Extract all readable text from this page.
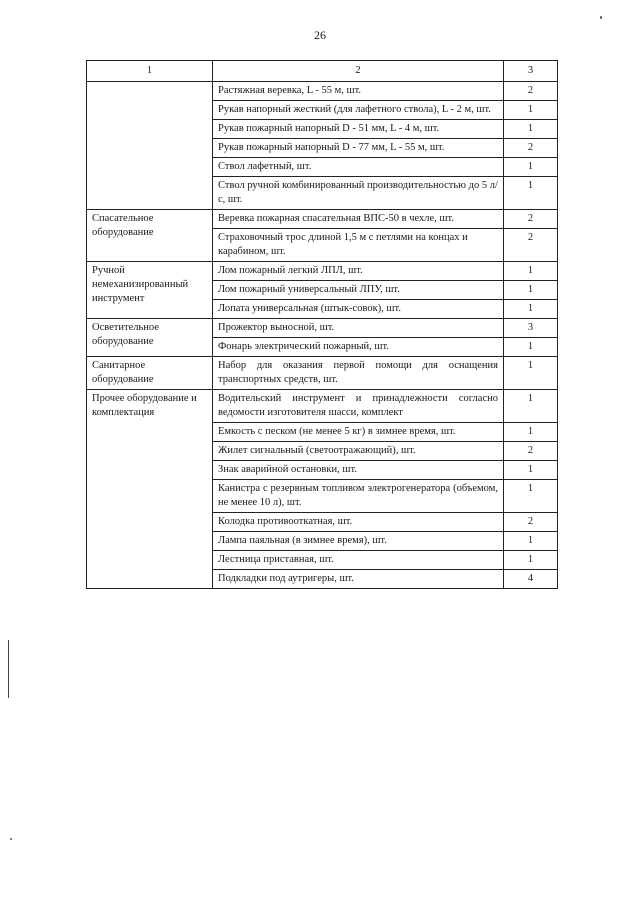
26
1	2	3
	Растяжная веревка, L - 55 м, шт.	2
	Рукав напорный жесткий (для лафетного ствола), L - 2 м, шт.	1
	Рукав пожарный напорный D - 51 мм, L - 4 м, шт.	1
	Рукав пожарный напорный D - 77 мм, L - 55 м, шт.	2
	Ствол лафетный, шт.	1
	Ствол ручной комбинированный производительностью до 5 л/с, шт.	1
Спасательное оборудование	Веревка пожарная спасательная ВПС-50 в чехле, шт.	2
	Страховочный трос длиной 1,5 м с петлями на концах и карабином, шт.	2
Ручной немеханизированный инструмент	Лом пожарный легкий ЛПЛ, шт.	1
	Лом пожарный универсальный ЛПУ, шт.	1
	Лопата универсальная (штык-совок), шт.	1
Осветительное оборудование	Прожектор выносной, шт.	3
	Фонарь электрический пожарный, шт.	1
Санитарное оборудование	Набор для оказания первой помощи для оснащения транспортных средств, шт.	1
Прочее оборудование и комплектация	Водительский инструмент и принадлежности согласно ведомости изготовителя шасси, комплект	1
	Емкость с песком (не менее 5 кг) в зимнее время, шт.	1
	Жилет сигнальный (светоотражающий), шт.	2
	Знак аварийной остановки, шт.	1
	Канистра с резервным топливом электрогенератора (объемом, не менее 10 л), шт.	1
	Колодка противооткатная, шт.	2
	Лампа паяльная (в зимнее время), шт.	1
	Лестница приставная, шт.	1
	Подкладки под аутригеры, шт.	4
